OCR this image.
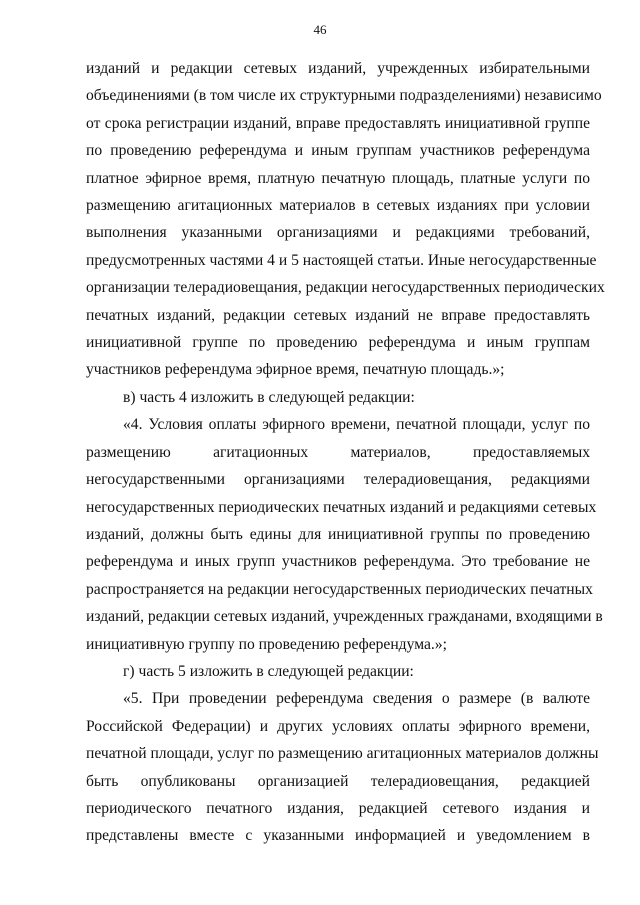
46
изданий и редакции сетевых изданий, учрежденных избирательными
объединениями (в том числе их структурными подразделениями) независимо
от срока регистрации изданий, вправе предоставлять инициативной группе
по проведению референдума и иным группам участников референдума
платное эфирное время, платную печатную площадь, платные услуги по
размещению агитационных материалов в сетевых изданиях при условии
выполнения указанными организациями и редакциями требований,
предусмотренных частями 4 и 5 настоящей статьи. Иные негосударственные
организации телерадиовещания, редакции негосударственных периодических
печатных изданий, редакции сетевых изданий не вправе предоставлять
инициативной группе по проведению референдума и иным группам
участников референдума эфирное время, печатную площадь.»;
в) часть 4 изложить в следующей редакции:
«4. Условия оплаты эфирного времени, печатной площади, услуг по
размещению агитационных материалов, предоставляемых
негосударственными организациями телерадиовещания, редакциями
негосударственных периодических печатных изданий и редакциями сетевых
изданий, должны быть едины для инициативной группы по проведению
референдума и иных групп участников референдума. Это требование не
распространяется на редакции негосударственных периодических печатных
изданий, редакции сетевых изданий, учрежденных гражданами, входящими в
инициативную группу по проведению референдума.»;
г) часть 5 изложить в следующей редакции:
«5. При проведении референдума сведения о размере (в валюте
Российской Федерации) и других условиях оплаты эфирного времени,
печатной площади, услуг по размещению агитационных материалов должны
быть опубликованы организацией телерадиовещания, редакцией
периодического печатного издания, редакцией сетевого издания и
представлены вместе с указанными информацией и уведомлением в
